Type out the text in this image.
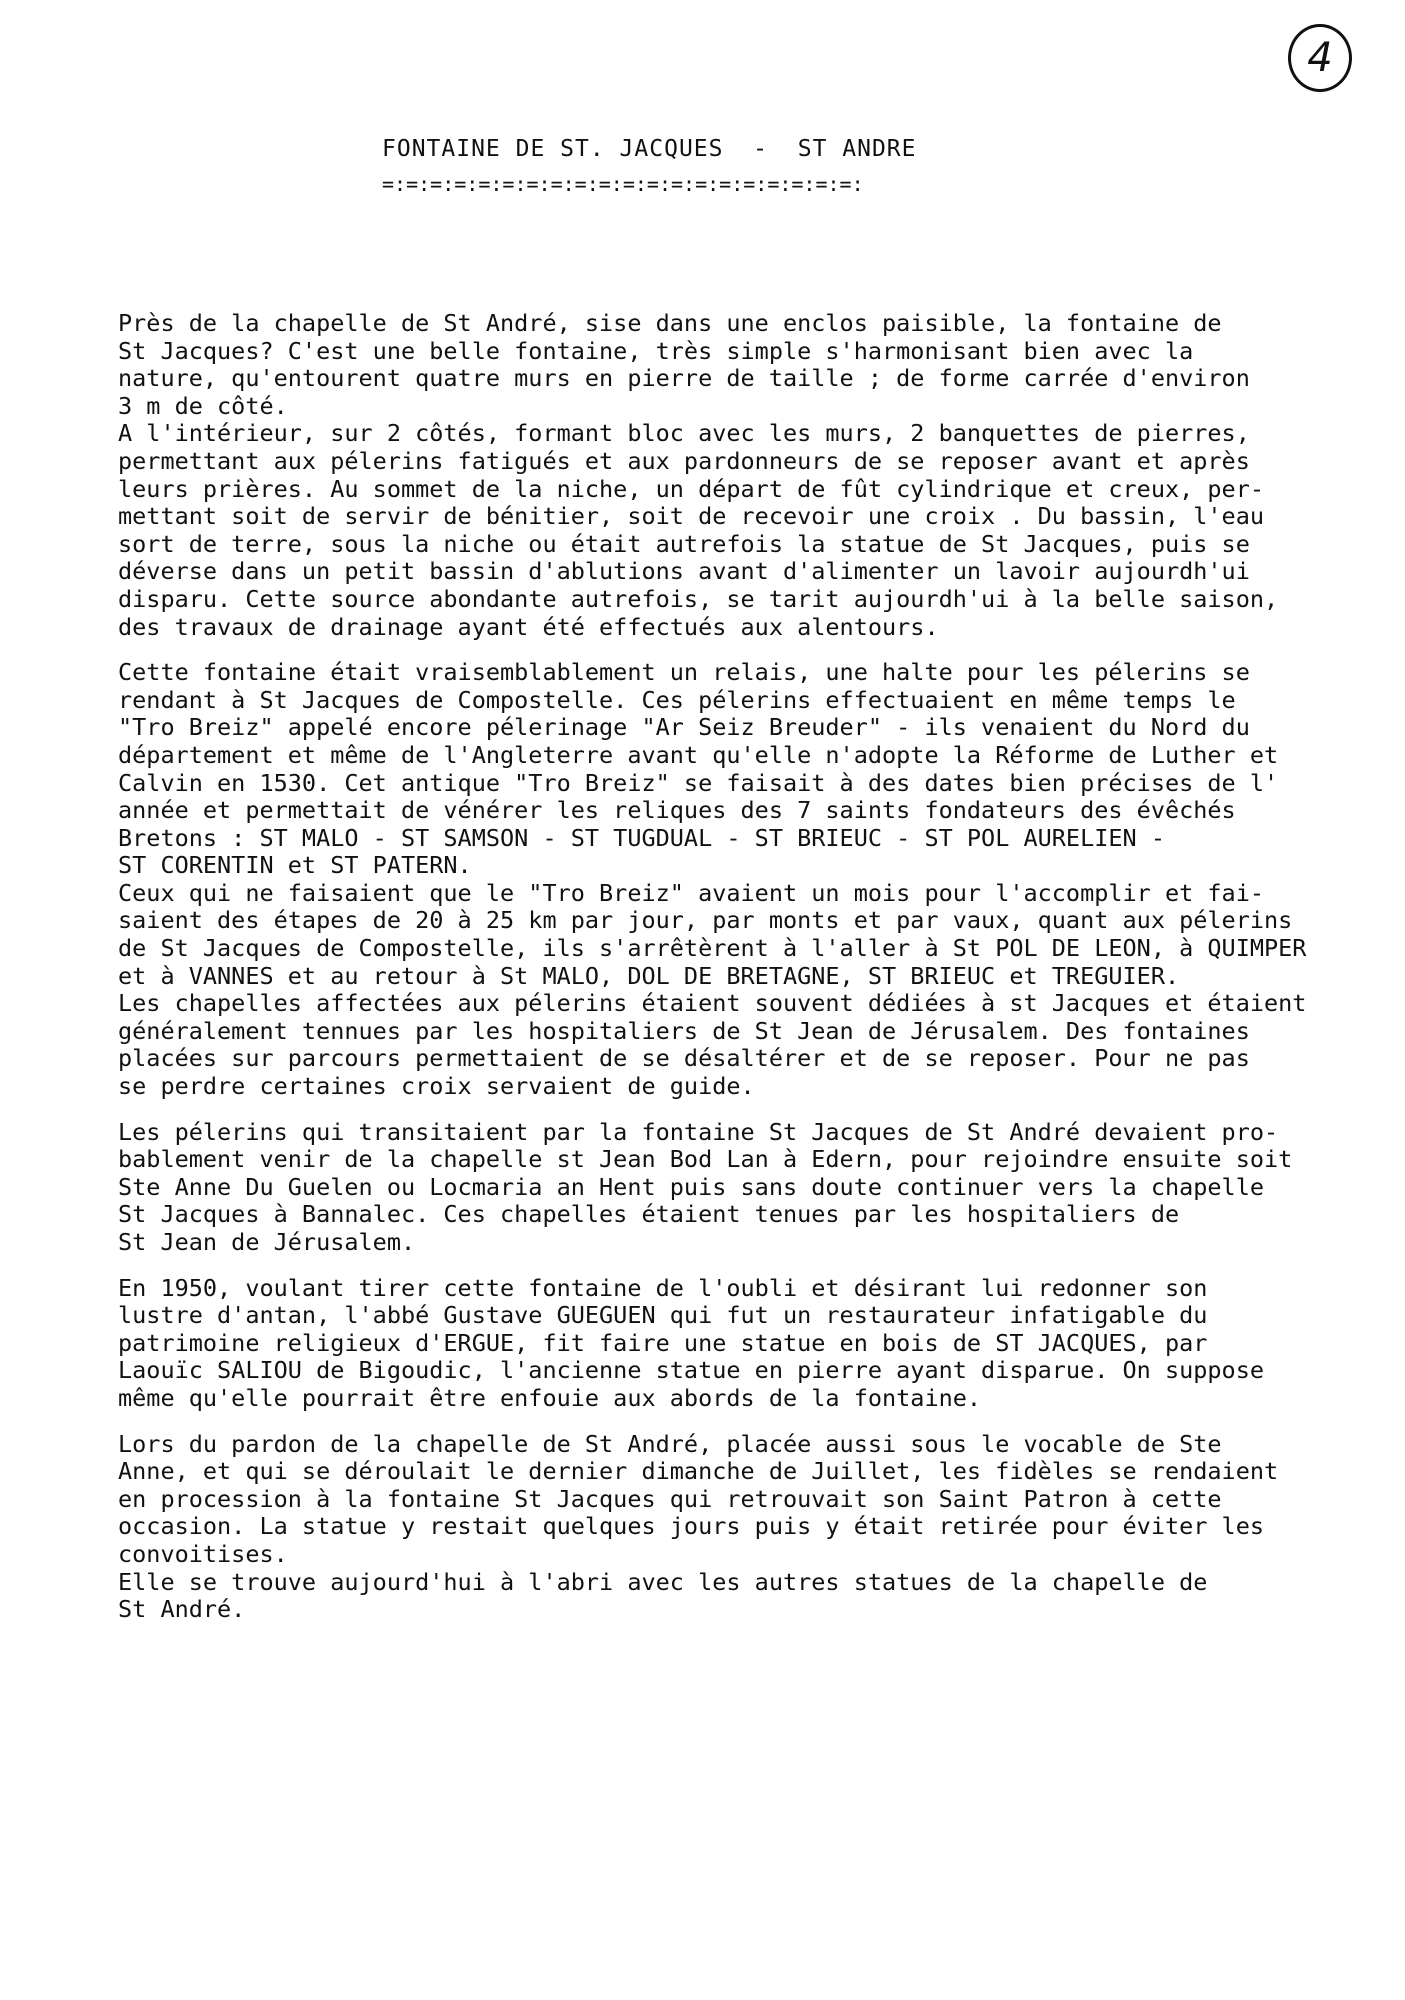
4
FONTAINE DE ST. JACQUES  -  ST ANDRE
=:=:=:=:=:=:=:=:=:=:=:=:=:=:=:=:=:=:=:=:
Près de la chapelle de St André, sise dans une enclos paisible, la fontaine de
St Jacques? C'est une belle fontaine, très simple s'harmonisant bien avec la
nature, qu'entourent quatre murs en pierre de taille ; de forme carrée d'environ
3 m de côté.
A l'intérieur, sur 2 côtés, formant bloc avec les murs, 2 banquettes de pierres,
permettant aux pélerins fatigués et aux pardonneurs de se reposer avant et après
leurs prières. Au sommet de la niche, un départ de fût cylindrique et creux, per-
mettant soit de servir de bénitier, soit de recevoir une croix . Du bassin, l'eau
sort de terre, sous la niche ou était autrefois la statue de St Jacques, puis se
déverse dans un petit bassin d'ablutions avant d'alimenter un lavoir aujourdh'ui
disparu. Cette source abondante autrefois, se tarit aujourdh'ui à la belle saison,
des travaux de drainage ayant été effectués aux alentours.
Cette fontaine était vraisemblablement un relais, une halte pour les pélerins se
rendant à St Jacques de Compostelle. Ces pélerins effectuaient en même temps le
"Tro Breiz" appelé encore pélerinage "Ar Seiz Breuder" - ils venaient du Nord du
département et même de l'Angleterre avant qu'elle n'adopte la Réforme de Luther et
Calvin en 1530. Cet antique "Tro Breiz" se faisait à des dates bien précises de l'
année et permettait de vénérer les reliques des 7 saints fondateurs des évêchés
Bretons : ST MALO - ST SAMSON - ST TUGDUAL - ST BRIEUC - ST POL AURELIEN -
ST CORENTIN et ST PATERN.
Ceux qui ne faisaient que le "Tro Breiz" avaient un mois pour l'accomplir et fai-
saient des étapes de 20 à 25 km par jour, par monts et par vaux, quant aux pélerins
de St Jacques de Compostelle, ils s'arrêtèrent à l'aller à St POL DE LEON, à QUIMPER
et à VANNES et au retour à St MALO, DOL DE BRETAGNE, ST BRIEUC et TREGUIER.
Les chapelles affectées aux pélerins étaient souvent dédiées à st Jacques et étaient
généralement tennues par les hospitaliers de St Jean de Jérusalem. Des fontaines
placées sur parcours permettaient de se désaltérer et de se reposer. Pour ne pas
se perdre certaines croix servaient de guide.
Les pélerins qui transitaient par la fontaine St Jacques de St André devaient pro-
bablement venir de la chapelle st Jean Bod Lan à Edern, pour rejoindre ensuite soit
Ste Anne Du Guelen ou Locmaria an Hent puis sans doute continuer vers la chapelle
St Jacques à Bannalec. Ces chapelles étaient tenues par les hospitaliers de
St Jean de Jérusalem.
En 1950, voulant tirer cette fontaine de l'oubli et désirant lui redonner son
lustre d'antan, l'abbé Gustave GUEGUEN qui fut un restaurateur infatigable du
patrimoine religieux d'ERGUE, fit faire une statue en bois de ST JACQUES, par
Laouïc SALIOU de Bigoudic, l'ancienne statue en pierre ayant disparue. On suppose
même qu'elle pourrait être enfouie aux abords de la fontaine.
Lors du pardon de la chapelle de St André, placée aussi sous le vocable de Ste
Anne, et qui se déroulait le dernier dimanche de Juillet, les fidèles se rendaient
en procession à la fontaine St Jacques qui retrouvait son Saint Patron à cette
occasion. La statue y restait quelques jours puis y était retirée pour éviter les
convoitises.
Elle se trouve aujourd'hui à l'abri avec les autres statues de la chapelle de
St André.
